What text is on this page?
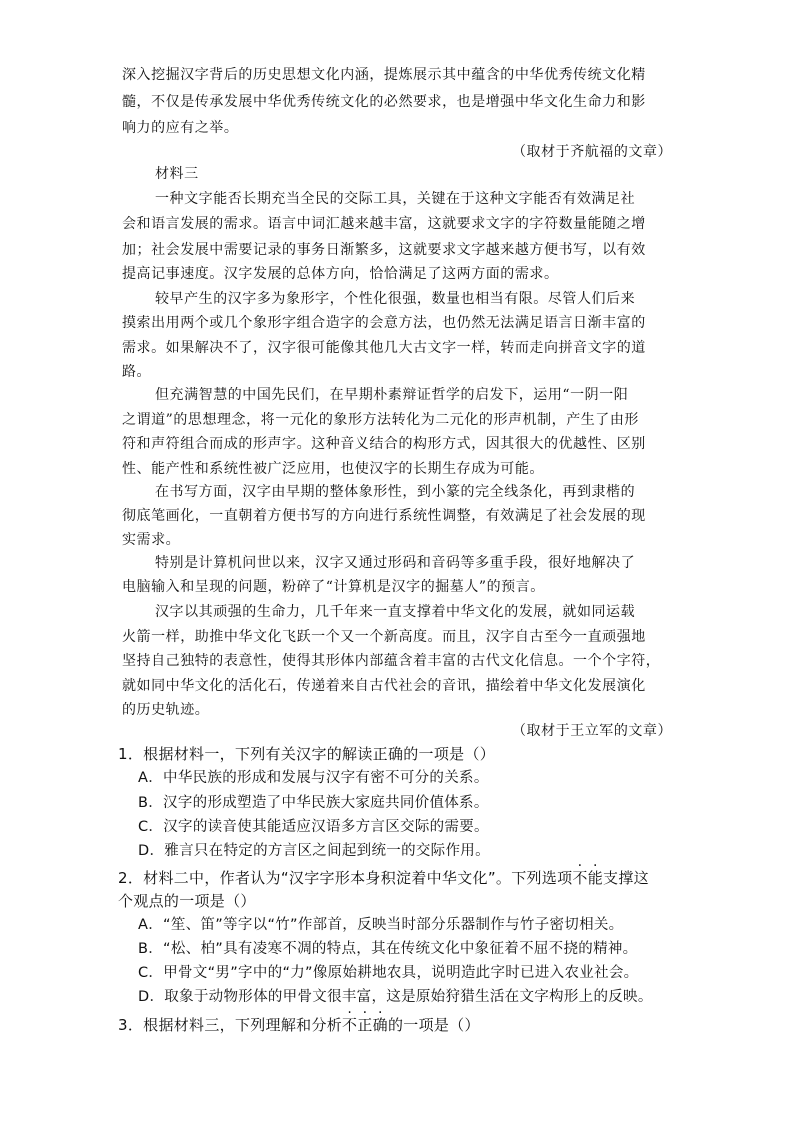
深入挖掘汉字背后的历史思想文化内涵，提炼展示其中蕴含的中华优秀传统文化精
髓，不仅是传承发展中华优秀传统文化的必然要求，也是增强中华文化生命力和影
响力的应有之举。
（取材于齐航福的文章）
材料三
一种文字能否长期充当全民的交际工具，关键在于这种文字能否有效满足社
会和语言发展的需求。语言中词汇越来越丰富，这就要求文字的字符数量能随之增
加；社会发展中需要记录的事务日渐繁多，这就要求文字越来越方便书写，以有效
提高记事速度。汉字发展的总体方向，恰恰满足了这两方面的需求。
较早产生的汉字多为象形字，个性化很强，数量也相当有限。尽管人们后来
摸索出用两个或几个象形字组合造字的会意方法，也仍然无法满足语言日渐丰富的
需求。如果解决不了，汉字很可能像其他几大古文字一样，转而走向拼音文字的道
路。
但充满智慧的中国先民们，在早期朴素辩证哲学的启发下，运用“一阴一阳
之谓道”的思想理念，将一元化的象形方法转化为二元化的形声机制，产生了由形
符和声符组合而成的形声字。这种音义结合的构形方式，因其很大的优越性、区别
性、能产性和系统性被广泛应用，也使汉字的长期生存成为可能。
在书写方面，汉字由早期的整体象形性，到小篆的完全线条化，再到隶楷的
彻底笔画化，一直朝着方便书写的方向进行系统性调整，有效满足了社会发展的现
实需求。
特别是计算机问世以来，汉字又通过形码和音码等多重手段，很好地解决了
电脑输入和呈现的问题，粉碎了“计算机是汉字的掘墓人”的预言。
汉字以其顽强的生命力，几千年来一直支撑着中华文化的发展，就如同运载
火箭一样，助推中华文化飞跃一个又一个新高度。而且，汉字自古至今一直顽强地
坚持自己独特的表意性，使得其形体内部蕴含着丰富的古代文化信息。一个个字符，
就如同中华文化的活化石，传递着来自古代社会的音讯，描绘着中华文化发展演化
的历史轨迹。
（取材于王立军的文章）
1．根据材料一，下列有关汉字的解读正确的一项是（）
A．中华民族的形成和发展与汉字有密不可分的关系。
B．汉字的形成塑造了中华民族大家庭共同价值体系。
C．汉字的读音使其能适应汉语多方言区交际的需要。
D．雅言只在特定的方言区之间起到统一的交际作用。
2．材料二中，作者认为“汉字字形本身积淀着中华文化”。下列选项不能支撑这
个观点的一项是（）
A．“笙、笛”等字以“竹”作部首，反映当时部分乐器制作与竹子密切相关。
B．“松、柏”具有凌寒不凋的特点，其在传统文化中象征着不屈不挠的精神。
C．甲骨文“男”字中的“力”像原始耕地农具，说明造此字时已进入农业社会。
D．取象于动物形体的甲骨文很丰富，这是原始狩猎生活在文字构形上的反映。
3．根据材料三，下列理解和分析不正确的一项是（）
